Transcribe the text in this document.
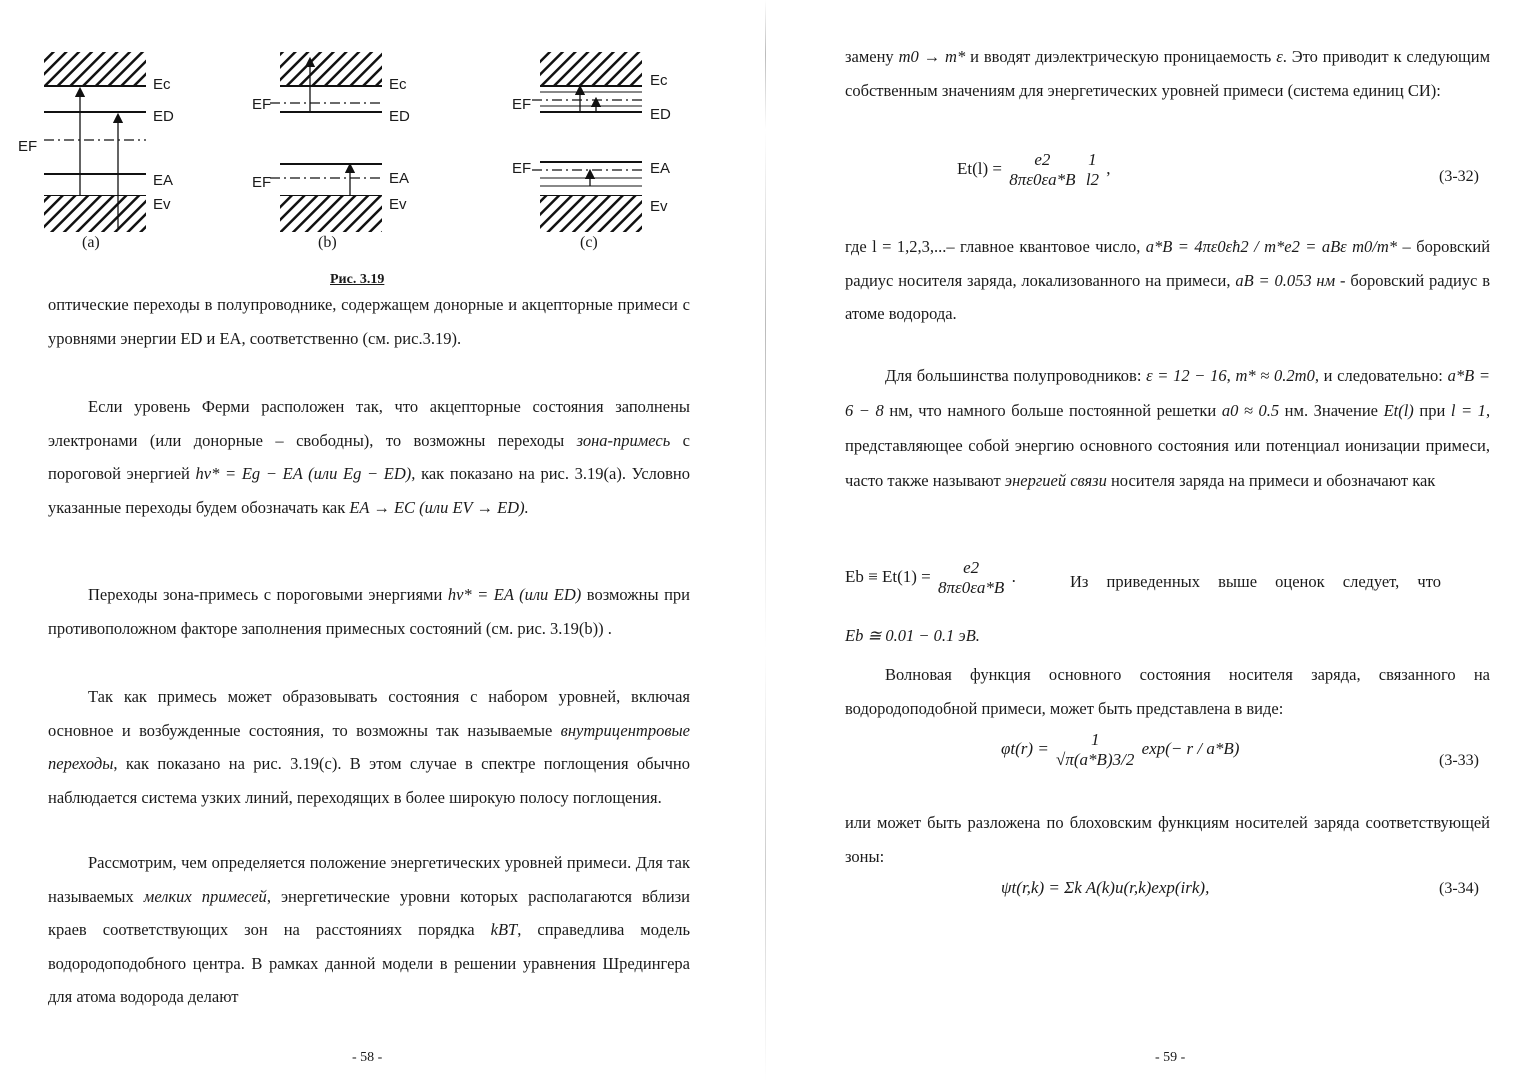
Ec
ED
EF
EA
Ev
(a)
Ec
EF
ED
EA
EF
Ev
(b)
Ec
EF
ED
EF	EA
Ev
(c)
Рис. 3.19
оптические переходы в полупроводнике, содержащем донорные и акцепторные примеси с уровнями энергии ED и EA, соответственно (см. рис.3.19).
Если уровень Ферми расположен так, что акцепторные состояния заполнены электронами (или донорные – свободны), то возможны переходы зона-примесь с пороговой энергией hν* = Eg − EA (или Eg − ED), как показано на рис. 3.19(а). Условно указанные переходы будем обозначать как EA → EC (или EV → ED).
Переходы зона-примесь с пороговыми энергиями hν* = EA (или ED) возможны при противоположном факторе заполнения примесных состояний (см. рис. 3.19(b)) .
Так как примесь может образовывать состояния с набором уровней, включая основное и возбужденные состояния, то возможны так называемые внутрицентровые переходы, как показано на рис. 3.19(с). В этом случае в спектре поглощения обычно наблюдается система узких линий, переходящих в более широкую полосу поглощения.
Рассмотрим, чем определяется положение энергетических уровней примеси. Для так называемых мелких примесей, энергетические уровни которых располагаются вблизи краев соответствующих зон на расстояниях порядка kBT, справедлива модель водородоподобного центра. В рамках данной модели в решении уравнения Шредингера для атома водорода делают
- 58 -
замену m0 → m* и вводят диэлектрическую проницаемость ε. Это приводит к следующим собственным значениям для энергетических уровней примеси (система единиц СИ):
Et(l) =	e2
8πε0εa*B

1
l2
,	(3-32)
где l = 1,2,3,...– главное квантовое число, a*B = 4πε0εħ2 / m*e2 = aBε m0/m* – боровский радиус носителя заряда, локализованного на примеси, aB = 0.053 нм - боровский радиус в атоме водорода.
Для большинства полупроводников: ε = 12 − 16, m* ≈ 0.2m0, и следовательно: a*B = 6 − 8 нм, что намного больше постоянной решетки a0 ≈ 0.5 нм. Значение Et(l) при l = 1, представляющее собой энергию основного состояния или потенциал ионизации примеси, часто также называют энергией связи носителя заряда на примеси и обозначают как
Eb ≡ Et(1) =	e2
8πε0εa*B
.	Из приведенных выше оценок следует, что
Eb ≅ 0.01 − 0.1 эВ.
Волновая функция основного состояния носителя заряда, связанного на водородоподобной примеси, может быть представлена в виде:
φt(r) =	1
√π(a*B)3/2
exp(− r / a*B)
(3-33)
или может быть разложена по блоховским функциям носителей заряда соответствующей зоны:
ψt(r,k) = Σk A(k)u(r,k)exp(irk),	(3-34)
- 59 -
